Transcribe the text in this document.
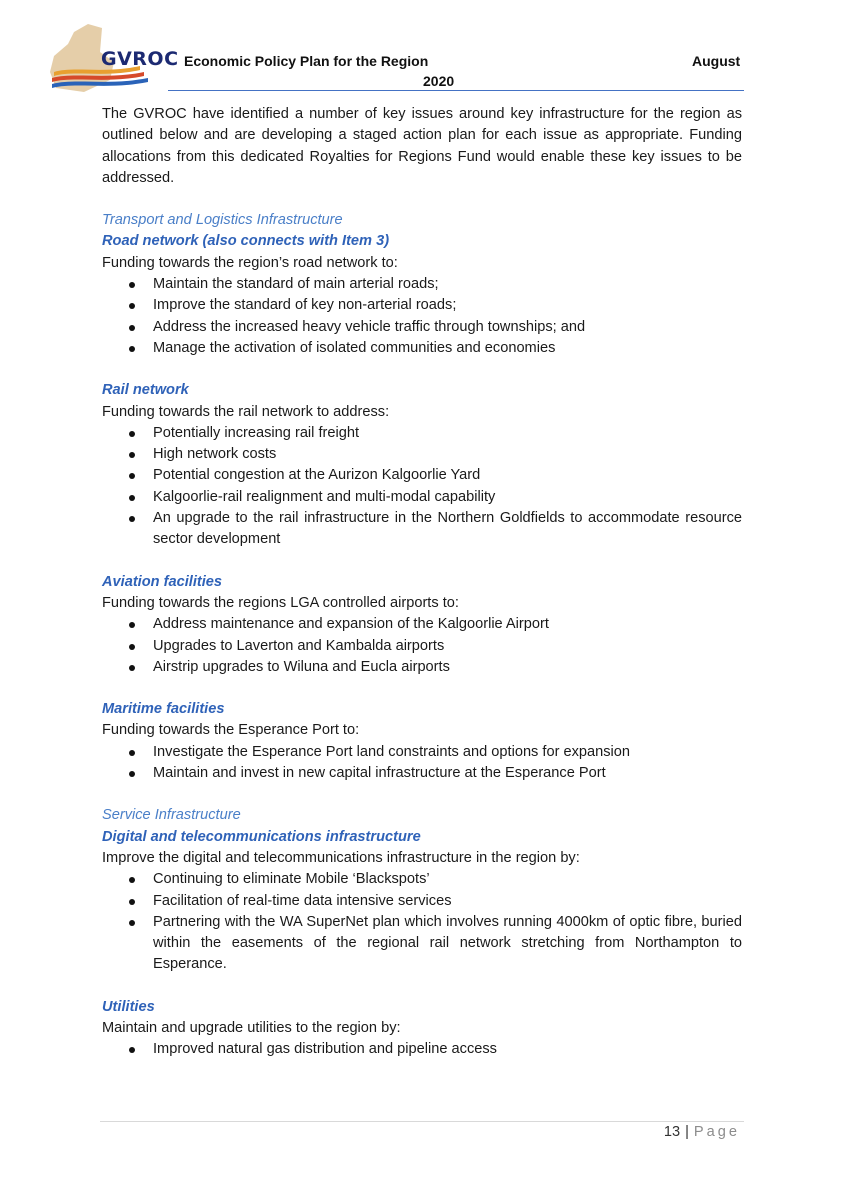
GVROC Economic Policy Plan for the Region	August
2020

The GVROC have identified a number of key issues around key infrastructure for the region as outlined below and are developing a staged action plan for each issue as appropriate. Funding allocations from this dedicated Royalties for Regions Fund would enable these key issues to be addressed.

Transport and Logistics Infrastructure

Road network (also connects with Item 3)

Funding towards the region’s road network to:

Maintain the standard of main arterial roads;
Improve the standard of key non-arterial roads;
Address the increased heavy vehicle traffic through townships; and
Manage the activation of isolated communities and economies

Rail network

Funding towards the rail network to address:

Potentially increasing rail freight
High network costs
Potential congestion at the Aurizon Kalgoorlie Yard
Kalgoorlie-rail realignment and multi-modal capability
An upgrade to the rail infrastructure in the Northern Goldfields to accommodate resource sector development

Aviation facilities

Funding towards the regions LGA controlled airports to:

Address maintenance and expansion of the Kalgoorlie Airport
Upgrades to Laverton and Kambalda airports
Airstrip upgrades to Wiluna and Eucla airports

Maritime facilities

Funding towards the Esperance Port to:

Investigate the Esperance Port land constraints and options for expansion
Maintain and invest in new capital infrastructure at the Esperance Port

Service Infrastructure

Digital and telecommunications infrastructure

Improve the digital and telecommunications infrastructure in the region by:

Continuing to eliminate Mobile ‘Blackspots’
Facilitation of real-time data intensive services
Partnering with the WA SuperNet plan which involves running 4000km of optic fibre, buried within the easements of the regional rail network stretching from Northampton to Esperance.

Utilities

Maintain and upgrade utilities to the region by:

Improved natural gas distribution and pipeline access
13 | Page
